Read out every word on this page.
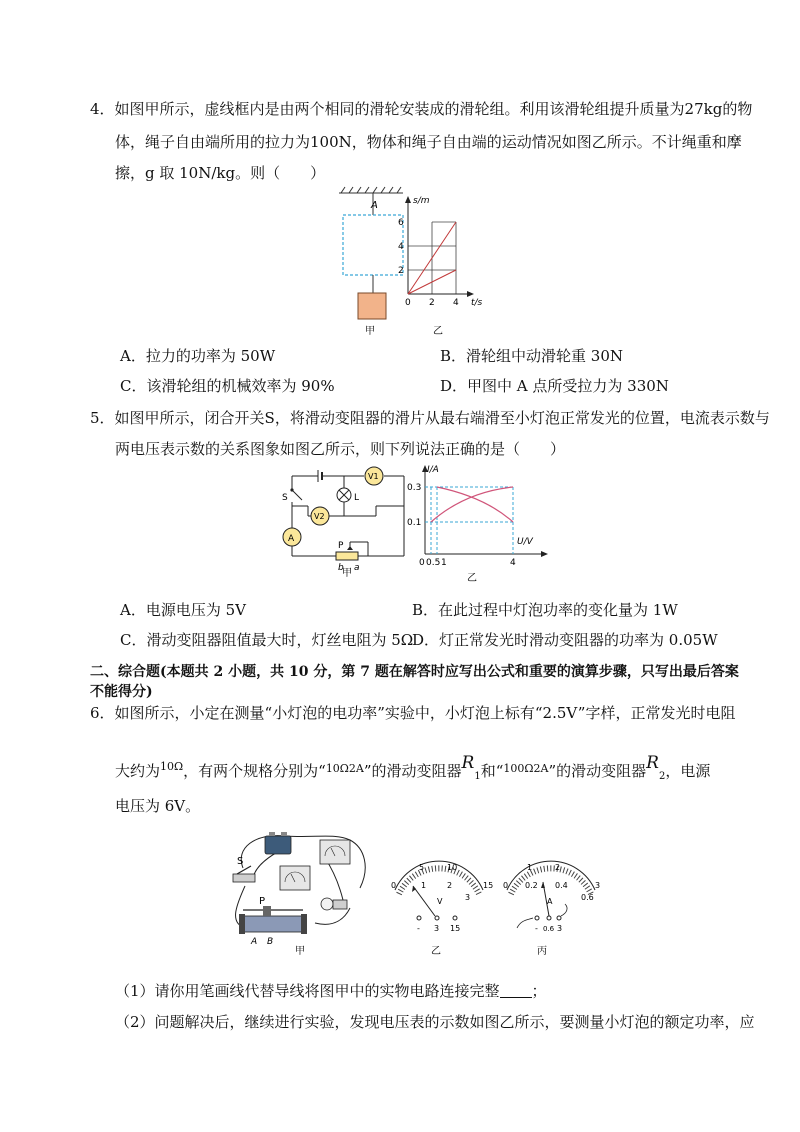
4．如图甲所示，虚线框内是由两个相同的滑轮安装成的滑轮组。利用该滑轮组提升质量为27kg的物
体，绳子自由端所用的拉力为100N，物体和绳子自由端的运动情况如图乙所示。不计绳重和摩
擦，g 取 10N/kg。则（　　）
A
甲
s/m
t/s
6
4
2
0 2 4
乙
A．拉力的功率为 50W	B．滑轮组中动滑轮重 30N
C．该滑轮组的机械效率为 90%	D．甲图中 A 点所受拉力为 330N
5．如图甲所示，闭合开关S，将滑动变阻器的滑片从最右端滑至小灯泡正常发光的位置，电流表示数与
两电压表示数的关系图象如图乙所示，则下列说法正确的是（　　）
V1
L
V2
A
S
P
b a
甲
I/A
U/V
0.3
0.1
0 0.5 1	4
乙
A．电源电压为 5V	B．在此过程中灯泡功率的变化量为 1W
C．滑动变阻器阻值最大时，灯丝电阻为 5Ω
D．灯正常发光时滑动变阻器的功率为 0.05W
二、综合题(本题共 2 小题，共 10 分，第 7 题在解答时应写出公式和重要的演算步骤，只写出最后答案
不能得分)
6．如图所示，小定在测量“小灯泡的电功率”实验中，小灯泡上标有“2.5V”字样，正常发光时电阻
大约为$^{10\Omega}$，有两个规格分别为“$^{10\Omega 2A}$”的滑动变阻器$R_1$和“$^{100\Omega 2A}$”的滑动变阻器$R_2$，电源
电压为 6V。
S
P
A B
甲
5	10
15
0	1	2
3
V
- 3 15
乙
1	2
3
0 0.2 0.4
0.6
A
- 0.6 3
丙
（1）请你用笔画线代替导线将图甲中的实物电路连接完整 ；
（2）问题解决后，继续进行实验，发现电压表的示数如图乙所示，要测量小灯泡的额定功率，应
